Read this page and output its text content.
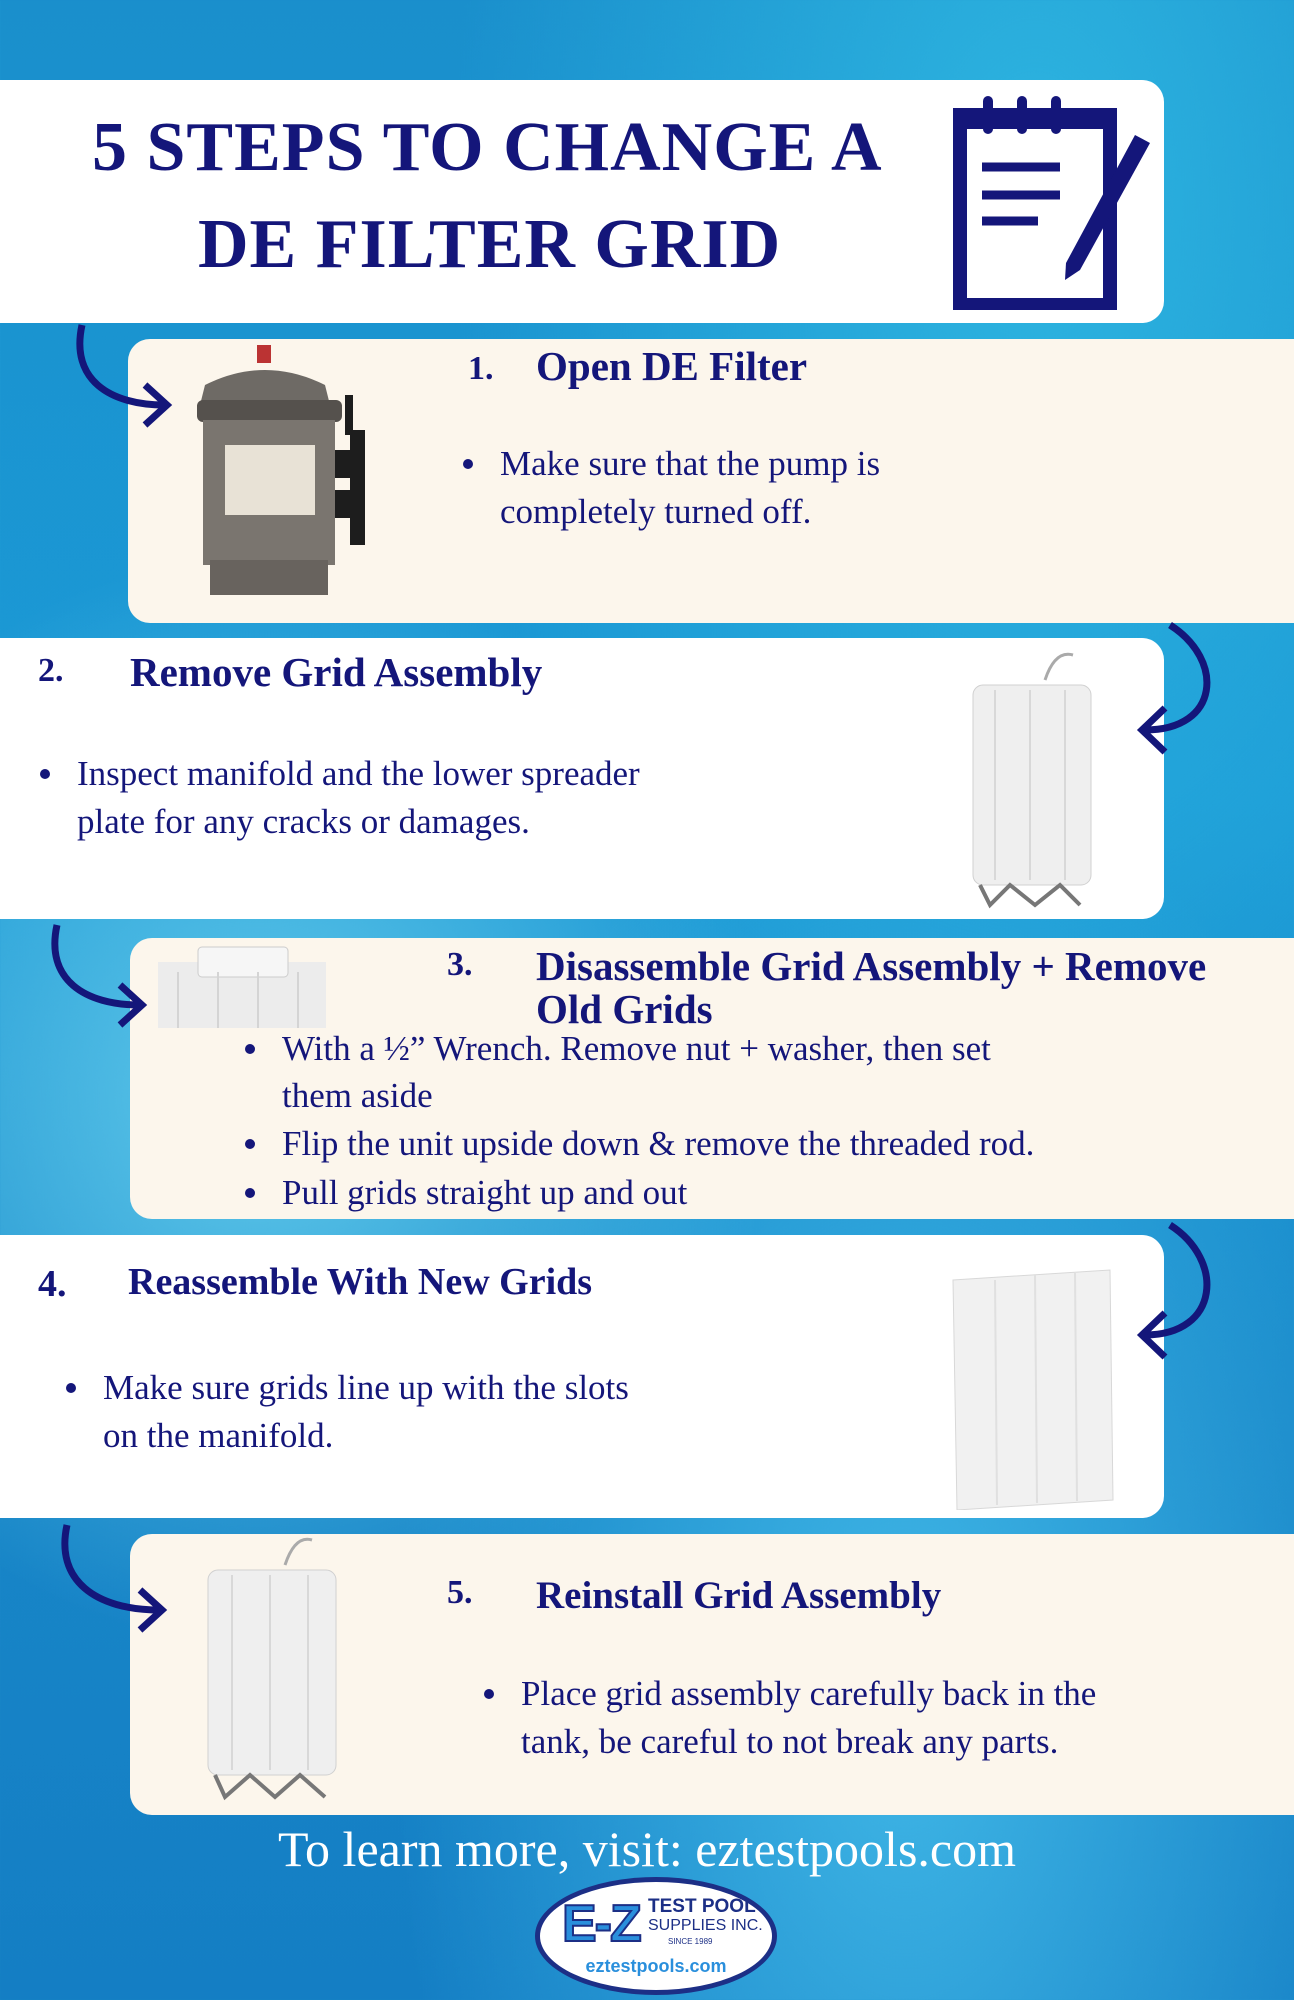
5 STEPS TO CHANGE A
DE FILTER GRID
1. Open DE Filter
Make sure that the pump is
completely turned off.
2. Remove Grid Assembly
Inspect manifold and the lower spreader
plate for any cracks or damages.
3. Disassemble Grid Assembly + Remove
Old Grids
With a ½” Wrench. Remove nut + washer, then set
them aside
Flip the unit upside down & remove the threaded rod.
Pull grids straight up and out
4. Reassemble With New Grids
Make sure grids line up with the slots
on the manifold.
5. Reinstall Grid Assembly
Place grid assembly carefully back in the
tank, be careful to not break any parts.
To learn more, visit: eztestpools.com
E-Z TEST POOL
SUPPLIES INC.
SINCE 1989
eztestpools.com
